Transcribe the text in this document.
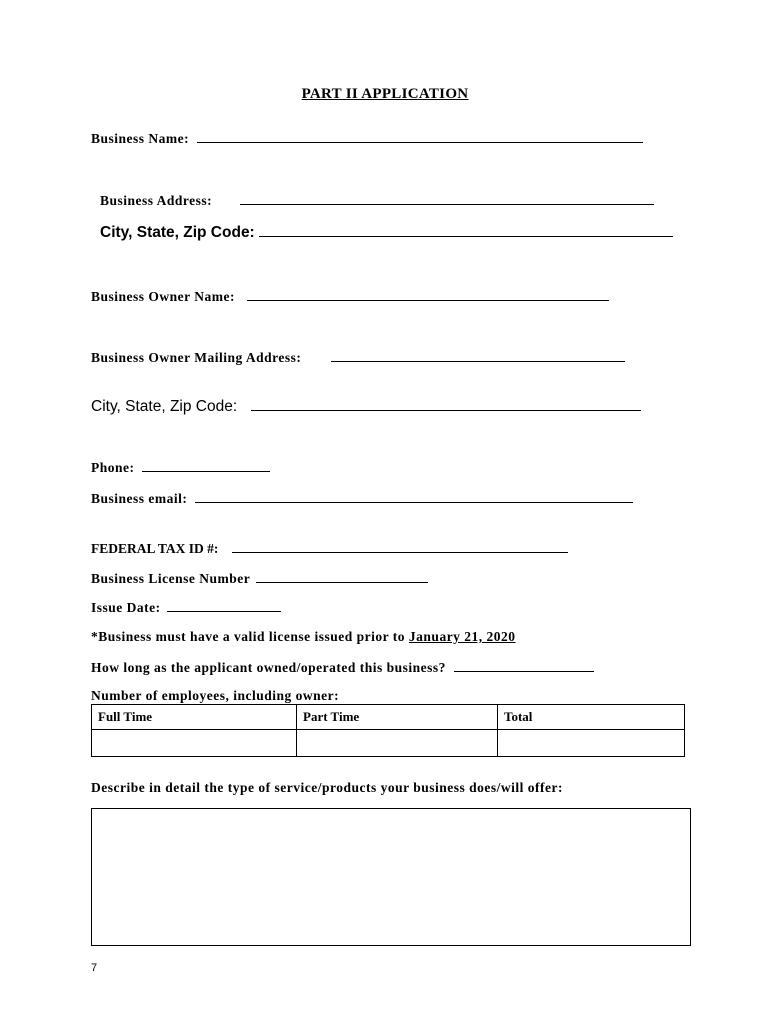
PART II APPLICATION
Business Name:
Business Address:
City, State, Zip Code:
Business Owner Name:
Business Owner Mailing Address:
City, State, Zip Code:
Phone:
Business email:
FEDERAL TAX ID #:
Business License Number
Issue Date:
*Business must have a valid license issued prior to January 21, 2020
How long as the applicant owned/operated this business?
Number of employees, including owner:
Full Time	Part Time	Total

Describe in detail the type of service/products your business does/will offer:
7
